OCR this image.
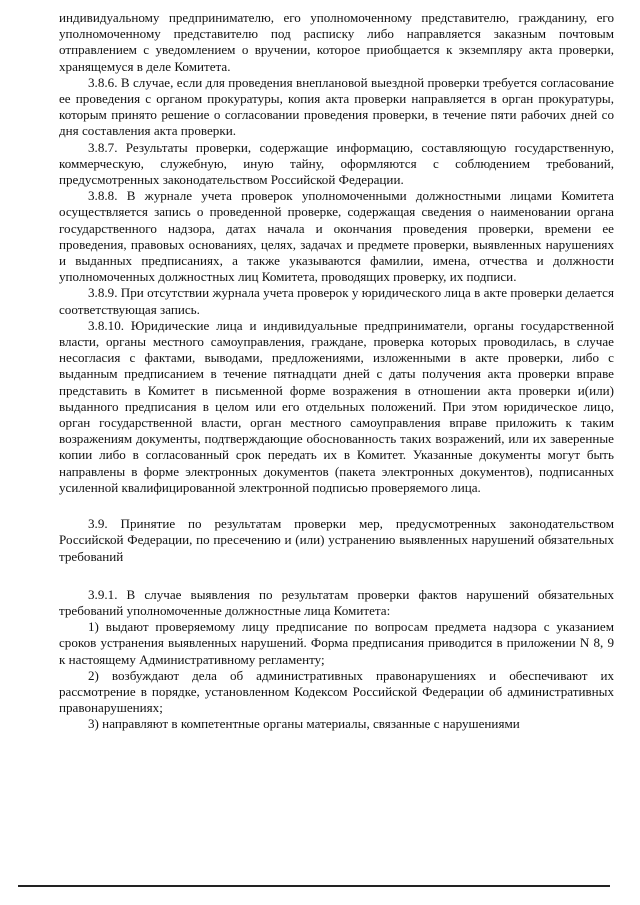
индивидуальному предпринимателю, его уполномоченному представителю, гражданину, его уполномоченному представителю под расписку либо направляется заказным почтовым отправлением с уведомлением о вручении, которое приобщается к экземпляру акта проверки, хранящемуся в деле Комитета.

3.8.6. В случае, если для проведения внеплановой выездной проверки требуется согласование ее проведения с органом прокуратуры, копия акта проверки направляется в орган прокуратуры, которым принято решение о согласовании проведения проверки, в течение пяти рабочих дней со дня составления акта проверки.

3.8.7. Результаты проверки, содержащие информацию, составляющую государственную, коммерческую, служебную, иную тайну, оформляются с соблюдением требований, предусмотренных законодательством Российской Федерации.

3.8.8. В журнале учета проверок уполномоченными должностными лицами Комитета осуществляется запись о проведенной проверке, содержащая сведения о наименовании органа государственного надзора, датах начала и окончания проведения проверки, времени ее проведения, правовых основаниях, целях, задачах и предмете проверки, выявленных нарушениях и выданных предписаниях, а также указываются фамилии, имена, отчества и должности уполномоченных должностных лиц Комитета, проводящих проверку, их подписи.

3.8.9. При отсутствии журнала учета проверок у юридического лица в акте проверки делается соответствующая запись.

3.8.10. Юридические лица и индивидуальные предприниматели, органы государственной власти, органы местного самоуправления, граждане, проверка которых проводилась, в случае несогласия с фактами, выводами, предложениями, изложенными в акте проверки, либо с выданным предписанием в течение пятнадцати дней с даты получения акта проверки вправе представить в Комитет в письменной форме возражения в отношении акта проверки и(или) выданного предписания в целом или его отдельных положений. При этом юридическое лицо, орган государственной власти, орган местного самоуправления вправе приложить к таким возражениям документы, подтверждающие обоснованность таких возражений, или их заверенные копии либо в согласованный срок передать их в Комитет. Указанные документы могут быть направлены в форме электронных документов (пакета электронных документов), подписанных усиленной квалифицированной электронной подписью проверяемого лица.

3.9. Принятие по результатам проверки мер, предусмотренных законодательством Российской Федерации, по пресечению и (или) устранению выявленных нарушений обязательных требований

3.9.1. В случае выявления по результатам проверки фактов нарушений обязательных требований уполномоченные должностные лица Комитета:

1) выдают проверяемому лицу предписание по вопросам предмета надзора с указанием сроков устранения выявленных нарушений. Форма предписания приводится в приложении N 8, 9 к настоящему Административному регламенту;

2) возбуждают дела об административных правонарушениях и обеспечивают их рассмотрение в порядке, установленном Кодексом Российской Федерации об административных правонарушениях;

3) направляют в компетентные органы материалы, связанные с нарушениями
